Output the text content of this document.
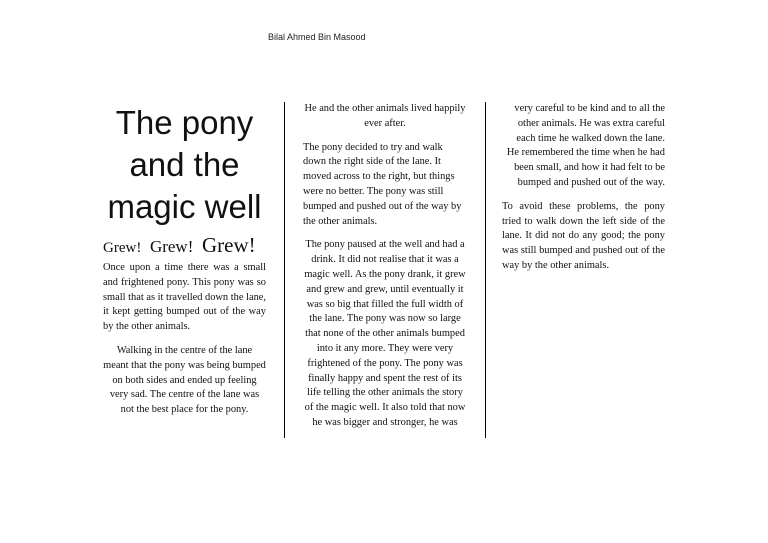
Bilal Ahmed Bin Masood
The pony
and the
magic well
Grew! Grew! Grew!

Once upon a time there was a small and frightened pony. This pony was so small that as it travelled down the lane, it kept getting bumped out of the way by the other animals.

Walking in the centre of the lane meant that the pony was being bumped on both sides and ended up feeling very sad. The centre of the lane was not the best place for the pony.

He and the other animals lived happily ever after.

The pony decided to try and walk down the right side of the lane. It moved across to the right, but things were no better. The pony was still bumped and pushed out of the way by the other animals.

The pony paused at the well and had a drink. It did not realise that it was a magic well. As the pony drank, it grew and grew and grew, until eventually it was so big that filled the full width of the lane. The pony was now so large that none of the other animals bumped into it any more. They were very frightened of the pony. The pony was finally happy and spent the rest of its life telling the other animals the story of the magic well. It also told that now he was bigger and stronger, he was

very careful to be kind and to all the other animals. He was extra careful each time he walked down the lane. He remembered the time when he had been small, and how it had felt to be bumped and pushed out of the way.

To avoid these problems, the pony tried to walk down the left side of the lane. It did not do any good; the pony was still bumped and pushed out of the way by the other animals.
